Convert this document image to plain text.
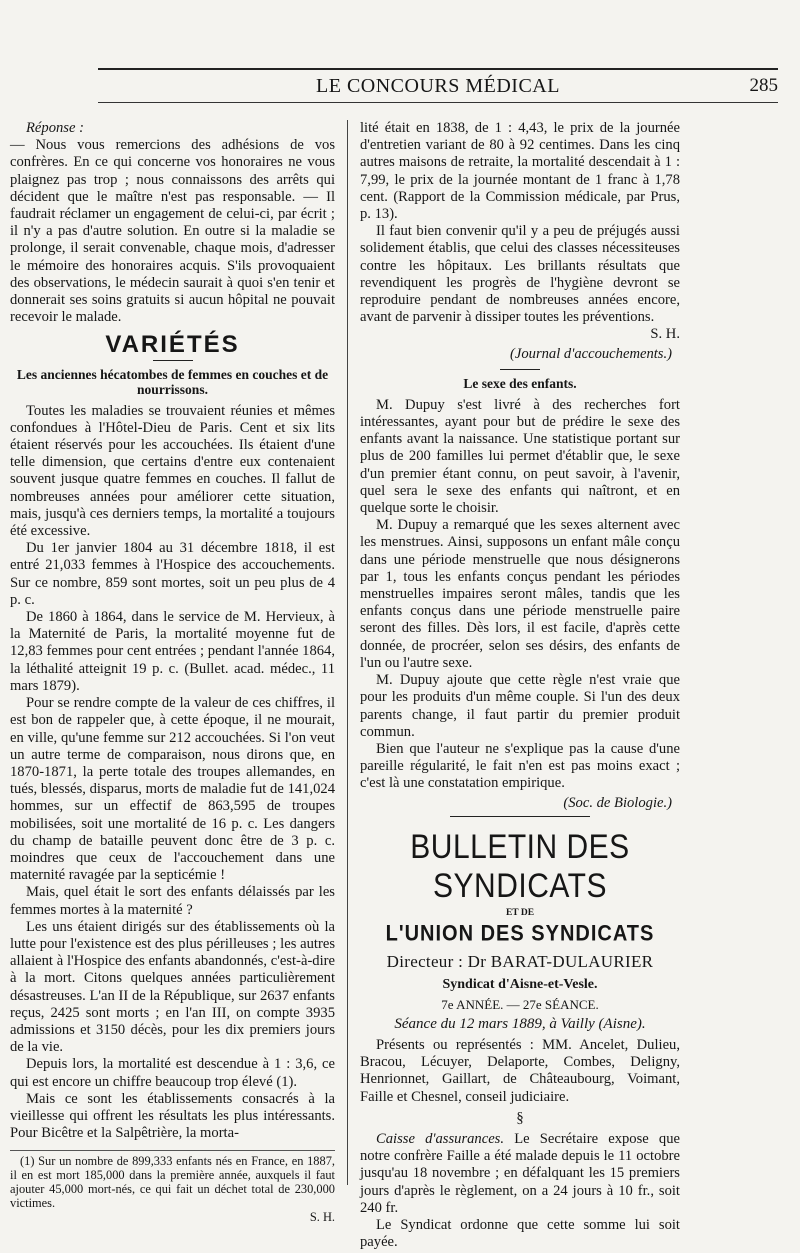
LE CONCOURS MÉDICAL	285

Réponse :
— Nous vous remercions des adhésions de vos confrères. En ce qui concerne vos honoraires ne vous plaignez pas trop ; nous connaissons des arrêts qui décident que le maître n'est pas responsable. — Il faudrait réclamer un engagement de celui-ci, par écrit ; il n'y a pas d'autre solution. En outre si la maladie se prolonge, il serait convenable, chaque mois, d'adresser le mémoire des honoraires acquis. S'ils provoquaient des observations, le médecin saurait à quoi s'en tenir et donnerait ses soins gratuits si aucun hôpital ne pouvait recevoir le malade.

VARIÉTÉS
Les anciennes hécatombes de femmes en couches et de nourrissons.

Toutes les maladies se trouvaient réunies et mêmes confondues à l'Hôtel-Dieu de Paris. Cent et six lits étaient réservés pour les accouchées. Ils étaient d'une telle dimension, que certains d'entre eux contenaient souvent jusque quatre femmes en couches. Il fallut de nombreuses années pour améliorer cette situation, mais, jusqu'à ces derniers temps, la mortalité a toujours été excessive.

Du 1er janvier 1804 au 31 décembre 1818, il est entré 21,033 femmes à l'Hospice des accouchements. Sur ce nombre, 859 sont mortes, soit un peu plus de 4 p. c.

De 1860 à 1864, dans le service de M. Hervieux, à la Maternité de Paris, la mortalité moyenne fut de 12,83 femmes pour cent entrées ; pendant l'année 1864, la léthalité atteignit 19 p. c. (Bullet. acad. médec., 11 mars 1879).

Pour se rendre compte de la valeur de ces chiffres, il est bon de rappeler que, à cette époque, il ne mourait, en ville, qu'une femme sur 212 accouchées. Si l'on veut un autre terme de comparaison, nous dirons que, en 1870-1871, la perte totale des troupes allemandes, en tués, blessés, disparus, morts de maladie fut de 141,024 hommes, sur un effectif de 863,595 de troupes mobilisées, soit une mortalité de 16 p. c. Les dangers du champ de bataille peuvent donc être de 3 p. c. moindres que ceux de l'accouchement dans une maternité ravagée par la septicémie !

Mais, quel était le sort des enfants délaissés par les femmes mortes à la maternité ?

Les uns étaient dirigés sur des établissements où la lutte pour l'existence est des plus périlleuses ; les autres allaient à l'Hospice des enfants abandonnés, c'est-à-dire à la mort. Citons quelques années particulièrement désastreuses. L'an II de la République, sur 2637 enfants reçus, 2425 sont morts ; en l'an III, on compte 3935 admissions et 3150 décès, pour les dix premiers jours de la vie.

Depuis lors, la mortalité est descendue à 1 : 3,6, ce qui est encore un chiffre beaucoup trop élevé (1).

Mais ce sont les établissements consacrés à la vieillesse qui offrent les résultats les plus intéressants. Pour Bicêtre et la Salpêtrière, la morta-

(1) Sur un nombre de 899,333 enfants nés en France, en 1887, il en est mort 185,000 dans la première année, auxquels il faut ajouter 45,000 mort-nés, ce qui fait un déchet total de 230,000 victimes.

S. H.

lité était en 1838, de 1 : 4,43, le prix de la journée d'entretien variant de 80 à 92 centimes. Dans les cinq autres maisons de retraite, la mortalité descendait à 1 : 7,99, le prix de la journée montant de 1 franc à 1,78 cent. (Rapport de la Commission médicale, par Prus, p. 13).

Il faut bien convenir qu'il y a peu de préjugés aussi solidement établis, que celui des classes nécessiteuses contre les hôpitaux. Les brillants résultats que revendiquent les progrès de l'hygiène devront se reproduire pendant de nombreuses années encore, avant de parvenir à dissiper toutes les préventions.

S. H.
(Journal d'accouchements.)
Le sexe des enfants.

M. Dupuy s'est livré à des recherches fort intéressantes, ayant pour but de prédire le sexe des enfants avant la naissance. Une statistique portant sur plus de 200 familles lui permet d'établir que, le sexe d'un premier étant connu, on peut savoir, à l'avenir, quel sera le sexe des enfants qui naîtront, et en quelque sorte le choisir.

M. Dupuy a remarqué que les sexes alternent avec les menstrues. Ainsi, supposons un enfant mâle conçu dans une période menstruelle que nous désignerons par 1, tous les enfants conçus pendant les périodes menstruelles impaires seront mâles, tandis que les enfants conçus dans une période menstruelle paire seront des filles. Dès lors, il est facile, d'après cette donnée, de procréer, selon ses désirs, des enfants de l'un ou l'autre sexe.

M. Dupuy ajoute que cette règle n'est vraie que pour les produits d'un même couple. Si l'un des deux parents change, il faut partir du premier produit commun.

Bien que l'auteur ne s'explique pas la cause d'une pareille régularité, le fait n'en est pas moins exact ; c'est là une constatation empirique.

(Soc. de Biologie.)
BULLETIN DES SYNDICATS
ET DE
L'UNION DES SYNDICATS
Directeur : Dr BARAT-DULAURIER
Syndicat d'Aisne-et-Vesle.
7e ANNÉE. — 27e SÉANCE.
Séance du 12 mars 1889, à Vailly (Aisne).

Présents ou représentés : MM. Ancelet, Dulieu, Bracou, Lécuyer, Delaporte, Combes, Deligny, Henrionnet, Gaillart, de Châteaubourg, Voimant, Faille et Chesnel, conseil judiciaire.

§

Caisse d'assurances. Le Secrétaire expose que notre confrère Faille a été malade depuis le 11 octobre jusqu'au 18 novembre ; en défalquant les 15 premiers jours d'après le règlement, on a 24 jours à 10 fr., soit 240 fr.

Le Syndicat ordonne que cette somme lui soit payée.
